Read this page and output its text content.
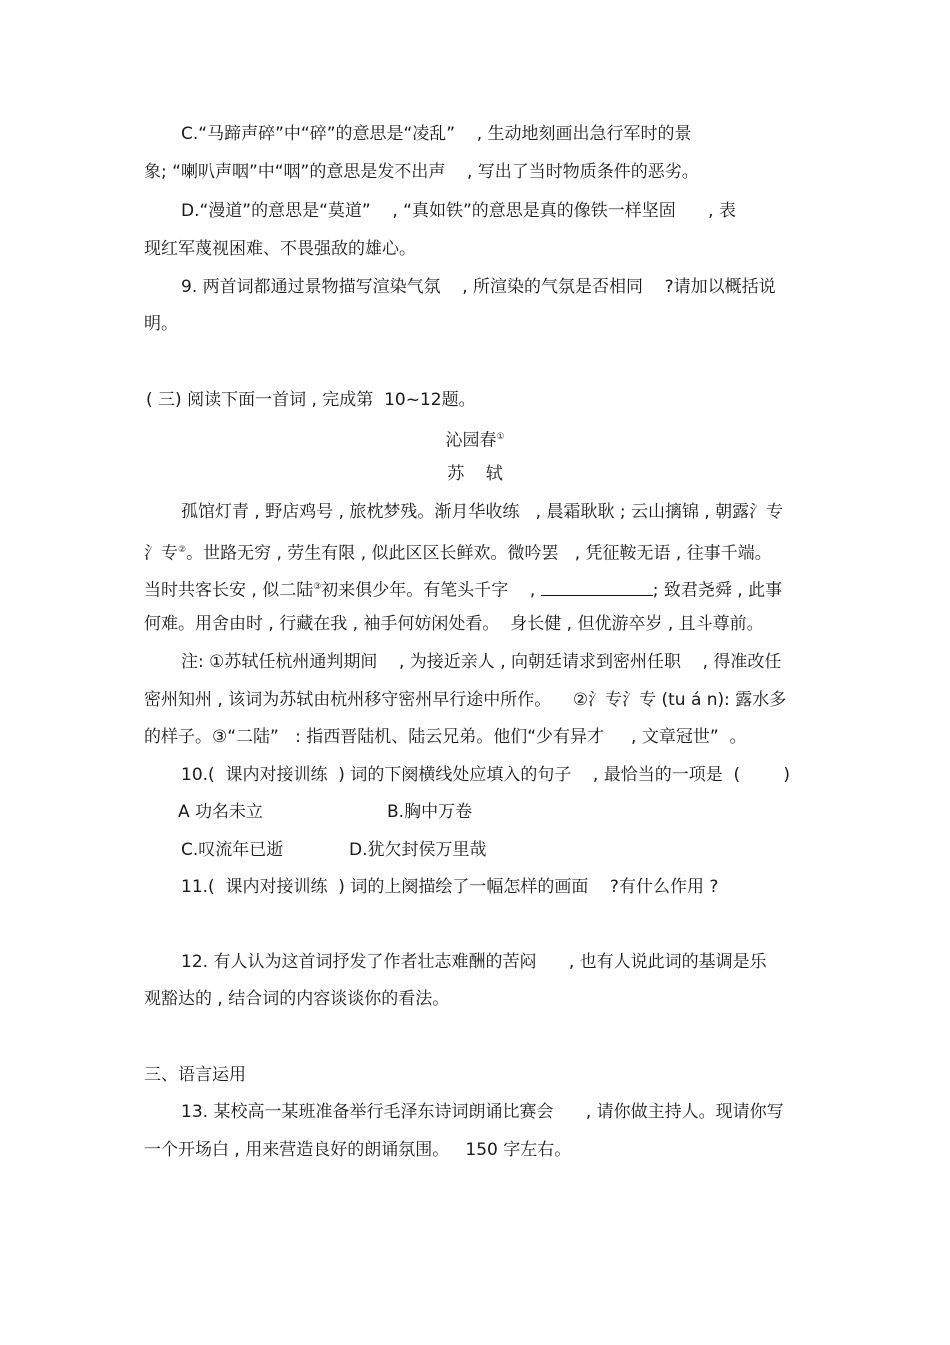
C.“马蹄声碎”中“碎”的意思是“凌乱”    , 生动地刻画出急行军时的景
象; “喇叭声咽”中“咽”的意思是发不出声    , 写出了当时物质条件的恶劣。
D.“漫道”的意思是“莫道”    , “真如铁”的意思是真的像铁一样坚固      , 表
现红军蔑视困难、不畏强敌的雄心。
9. 两首词都通过景物描写渲染气氛    , 所渲染的气氛是否相同    ?请加以概括说
明。
( 三) 阅读下面一首词 , 完成第  10~12题。
沁园春①
苏    轼
孤馆灯青 , 野店鸡号 , 旅枕梦残。渐月华收练   , 晨霜耿耿 ; 云山摛锦 , 朝露氵专
氵专②。世路无穷 , 劳生有限 , 似此区区长鲜欢。微吟罢   , 凭征鞍无语 , 往事千端。
当时共客长安 , 似二陆③初来俱少年。有笔头千字    ,	; 致君尧舜 , 此事
何难。用舍由时 , 行藏在我 , 袖手何妨闲处看。  身长健 , 但优游卒岁 , 且斗尊前。
注: ①苏轼任杭州通判期间    , 为接近亲人 , 向朝廷请求到密州任职    , 得准改任
密州知州 , 该词为苏轼由杭州移守密州早行途中所作。    ②氵专氵专 (tu á n): 露水多
的样子。③“二陆”   : 指西晋陆机、陆云兄弟。他们“少有异才     , 文章冠世”  。
10.(  课内对接训练  ) 词的下阕横线处应填入的句子    , 最恰当的一项是  (        )
A 功名未立	B.胸中万卷
C.叹流年已逝	D.犹欠封侯万里哉
11.(  课内对接训练  ) 词的上阕描绘了一幅怎样的画面    ?有什么作用 ?
12. 有人认为这首词抒发了作者壮志难酬的苦闷      , 也有人说此词的基调是乐
观豁达的 , 结合词的内容谈谈你的看法。
三、语言运用
13. 某校高一某班准备举行毛泽东诗词朗诵比赛会      , 请你做主持人。现请你写
一个开场白 , 用来营造良好的朗诵氛围。   150 字左右。
